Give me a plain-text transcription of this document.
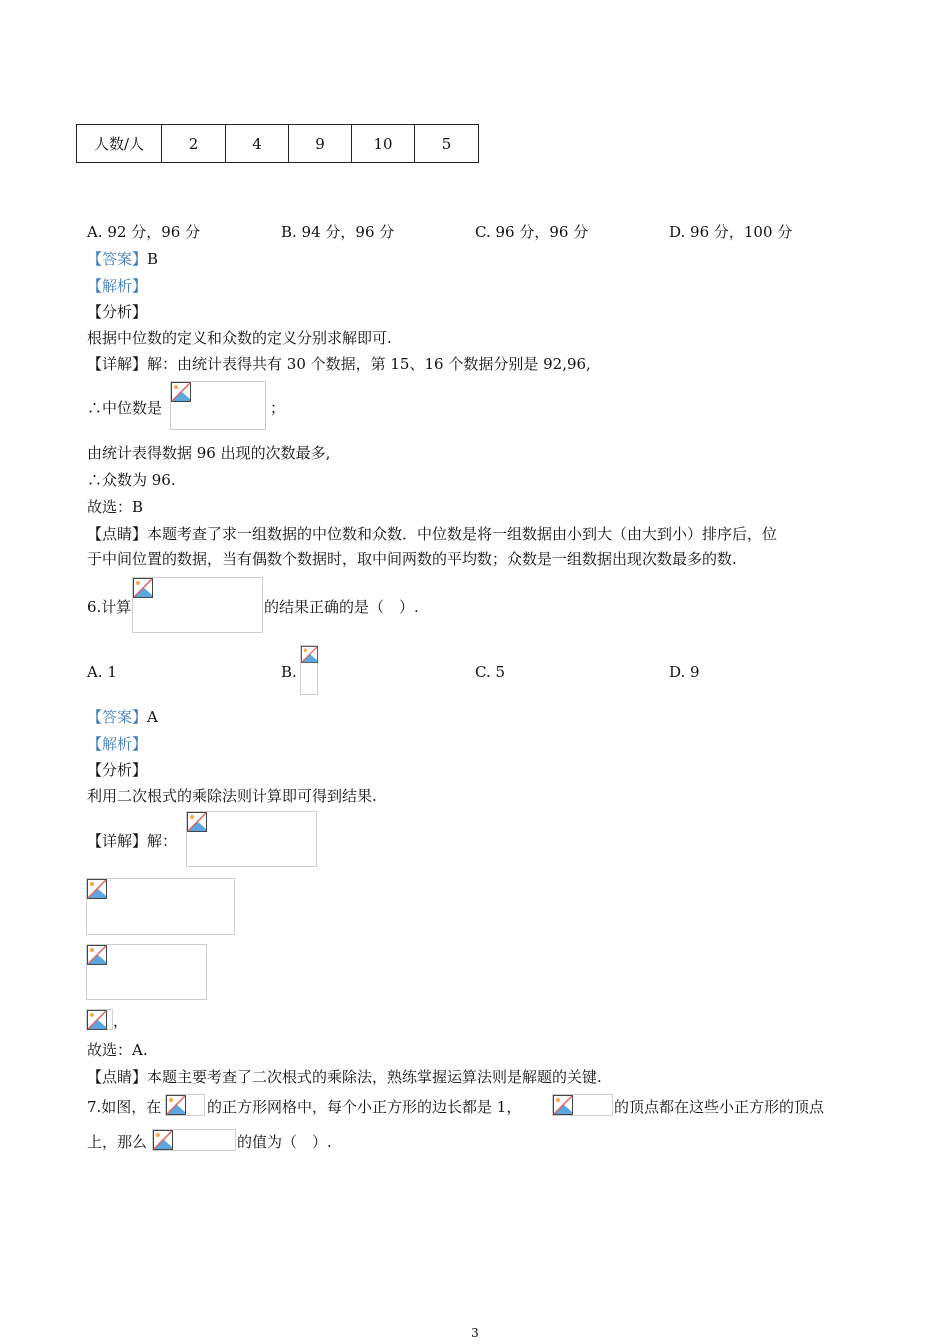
人数/人	2	4	9	10	5
A. 92 分，96 分	B. 94 分，96 分	C. 96 分，96 分	D. 96 分，100 分
【答案】B
【解析】
【分析】
根据中位数的定义和众数的定义分别求解即可.
【详解】解：由统计表得共有 30 个数据，第 15、16 个数据分别是 92,96,
∴中位数是	；
由统计表得数据 96 出现的次数最多,
∴众数为 96.
故选：B
【点睛】本题考查了求一组数据的中位数和众数．中位数是将一组数据由小到大（由大到小）排序后，位
于中间位置的数据，当有偶数个数据时，取中间两数的平均数；众数是一组数据出现次数最多的数.
6.计算	的结果正确的是（　）.
A. 1	B.	C. 5	D. 9
【答案】A
【解析】
【分析】
利用二次根式的乘除法则计算即可得到结果.
【详解】解：
，
故选：A.
【点睛】本题主要考查了二次根式的乘除法，熟练掌握运算法则是解题的关键.
7.如图，在	的正方形网格中，每个小正方形的边长都是 1，	的顶点都在这些小正方形的顶点
上，那么	的值为（　）.
3
